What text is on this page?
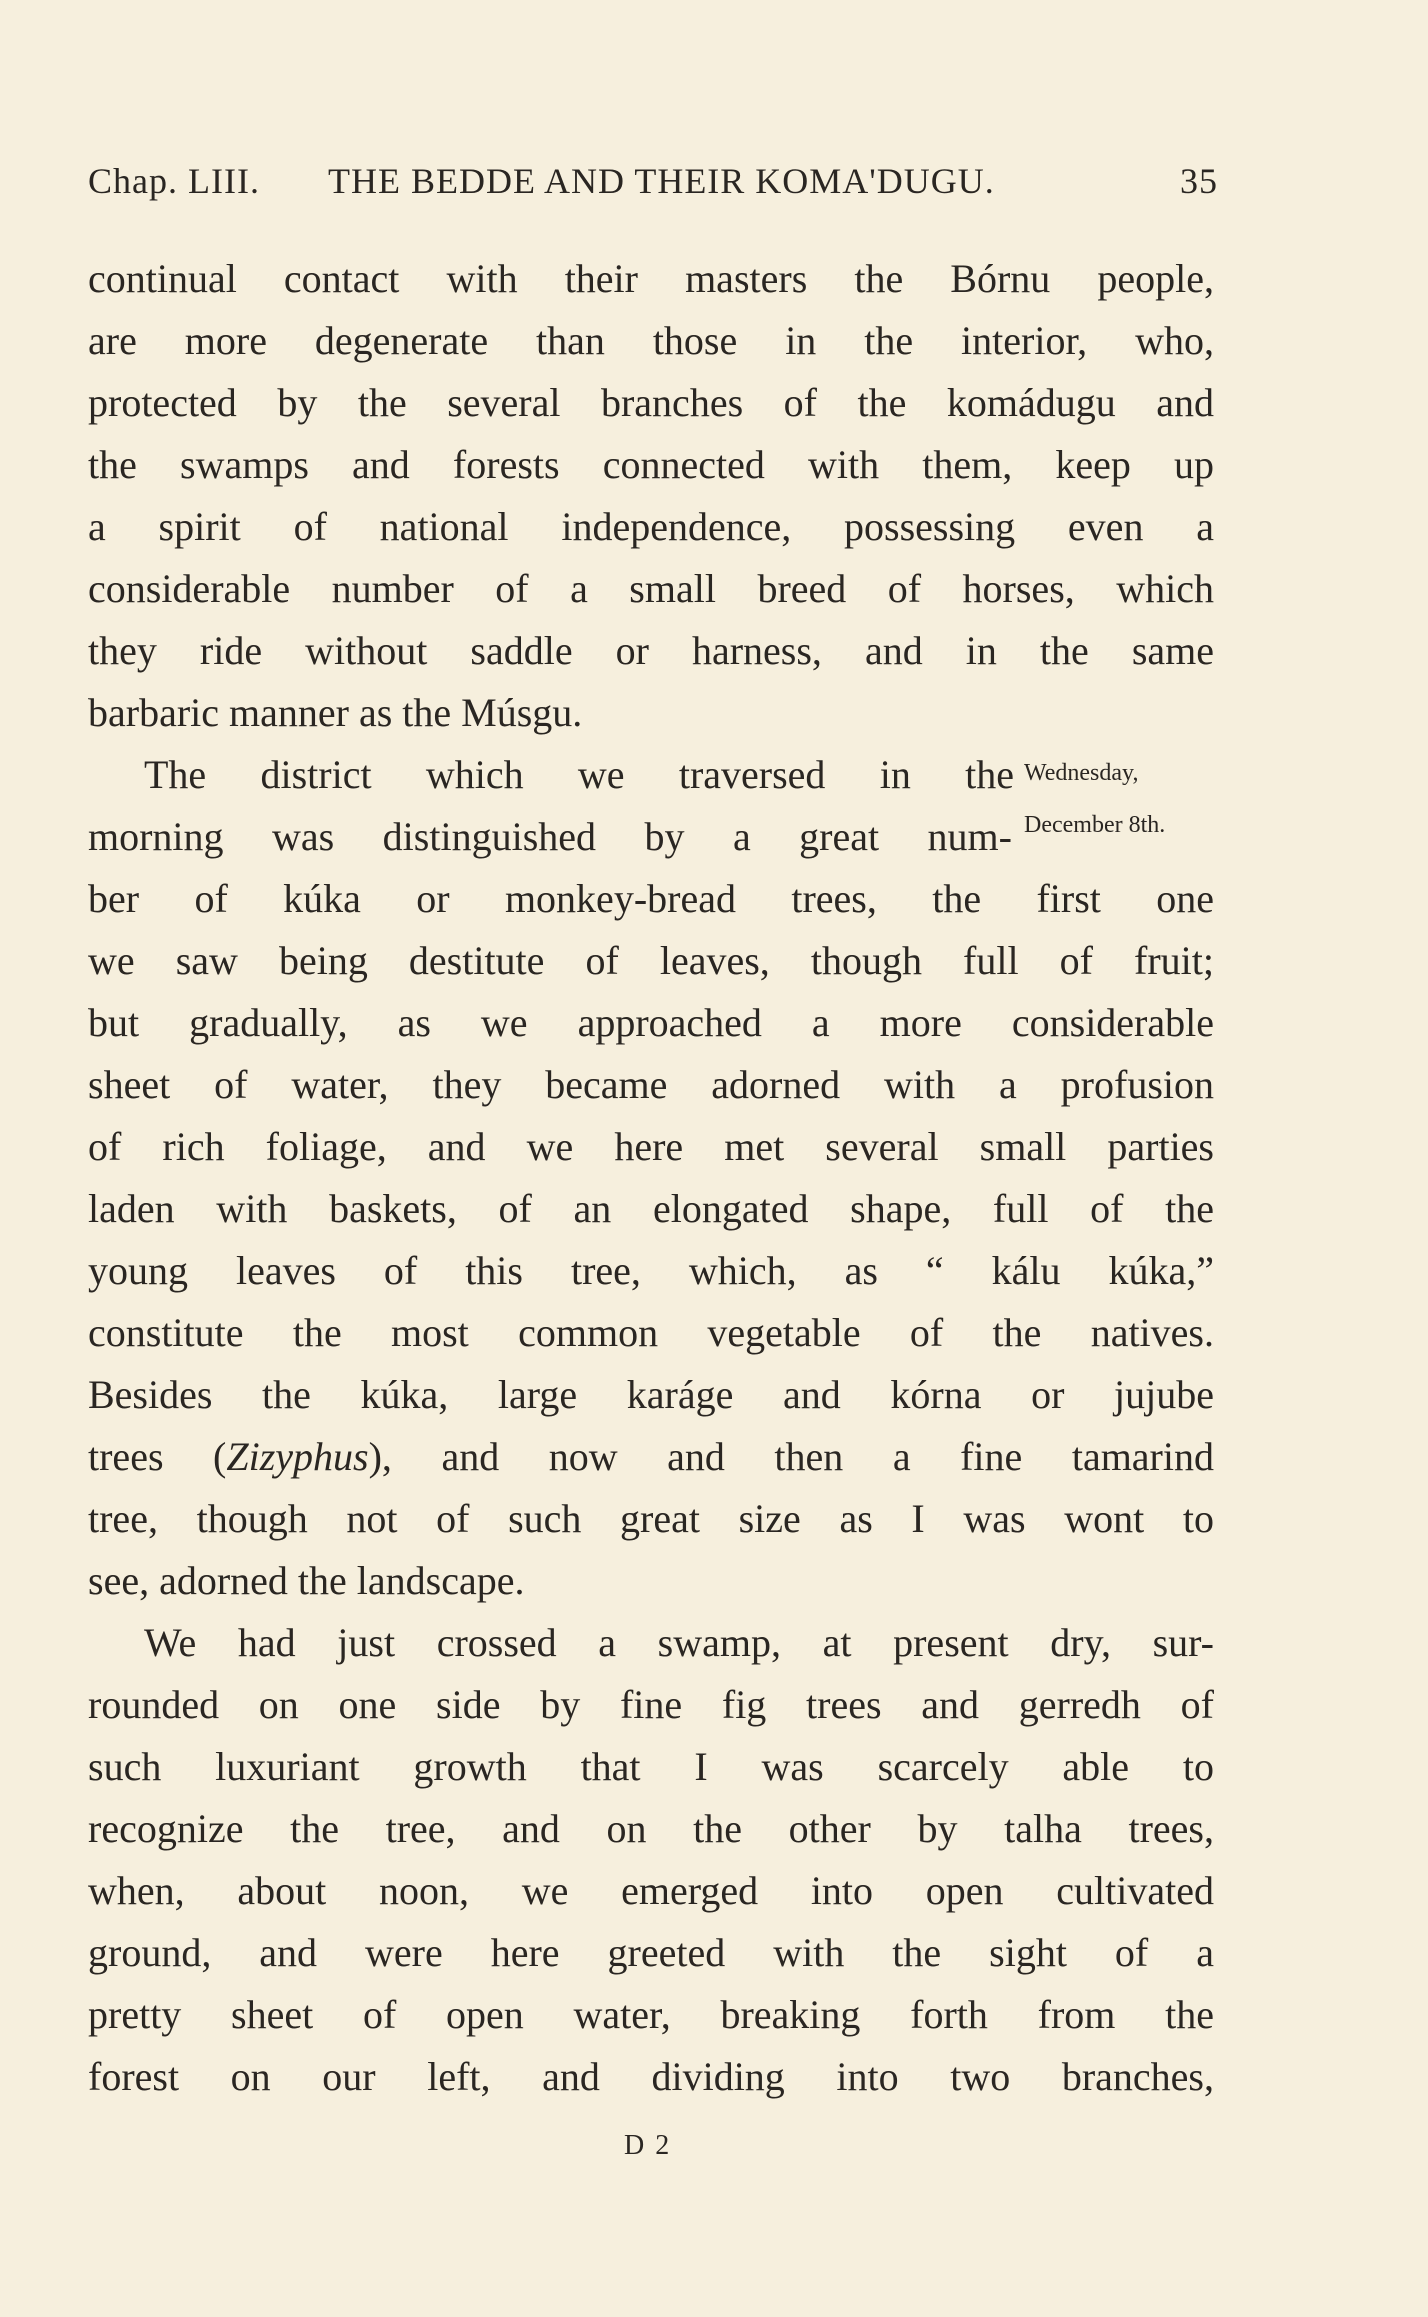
Chap. LIII. THE BEDDE AND THEIR KOMA'DUGU.	35
continual contact with their masters the Bórnu people,
are more degenerate than those in the interior, who,
protected by the several branches of the komádugu and
the swamps and forests connected with them, keep up
a spirit of national independence, possessing even a
considerable number of a small breed of horses, which
they ride without saddle or harness, and in the same
barbaric manner as the Músgu.
The district which we traversed in the
morning was distinguished by a great num-
ber of kúka or monkey-bread trees, the first one
we saw being destitute of leaves, though full of fruit;
but gradually, as we approached a more considerable
sheet of water, they became adorned with a profusion
of rich foliage, and we here met several small parties
laden with baskets, of an elongated shape, full of the
young leaves of this tree, which, as “ kálu kúka,”
constitute the most common vegetable of the natives.
Besides the kúka, large karáge and kórna or jujube
trees (Zizyphus), and now and then a fine tamarind
tree, though not of such great size as I was wont to
see, adorned the landscape.
We had just crossed a swamp, at present dry, sur-
rounded on one side by fine fig trees and gerredh of
such luxuriant growth that I was scarcely able to
recognize the tree, and on the other by talha trees,
when, about noon, we emerged into open cultivated
ground, and were here greeted with the sight of a
pretty sheet of open water, breaking forth from the
forest on our left, and dividing into two branches,
Wednesday,
December 8th.
D 2
